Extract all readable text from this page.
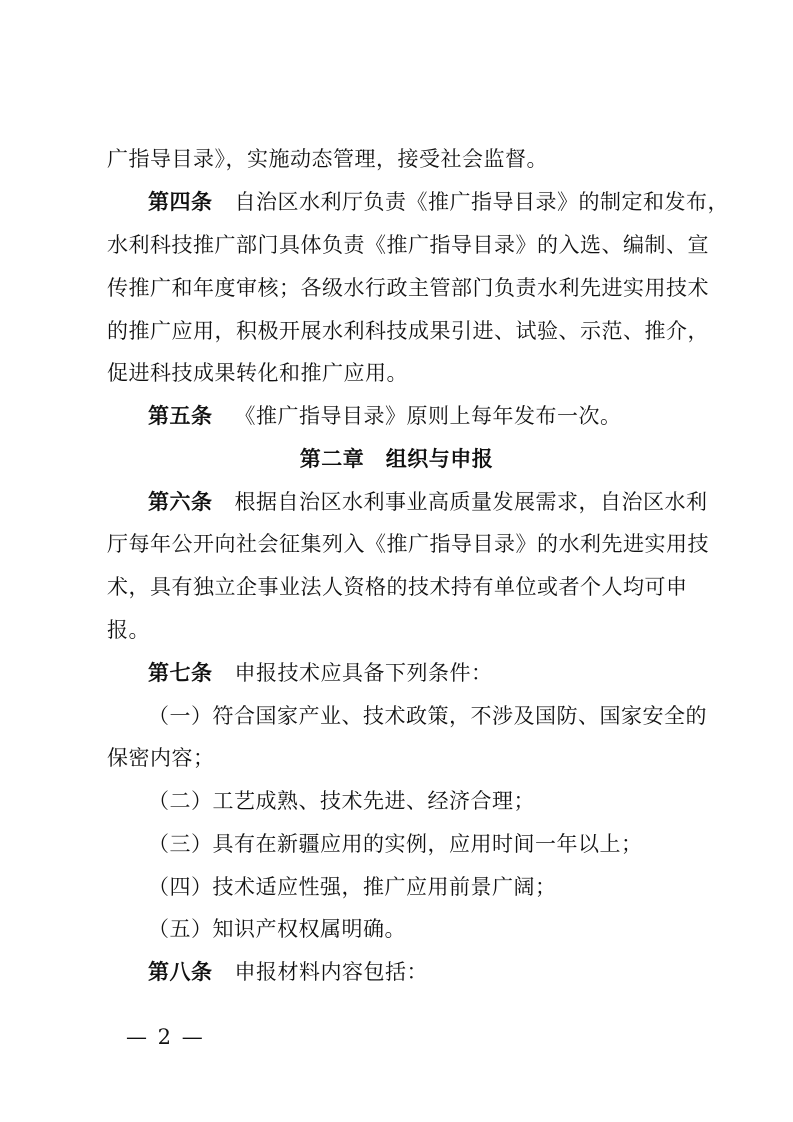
广指导目录》，实施动态管理，接受社会监督。
第四条 自治区水利厅负责《推广指导目录》的制定和发布，
水利科技推广部门具体负责《推广指导目录》的入选、编制、宣
传推广和年度审核；各级水行政主管部门负责水利先进实用技术
的推广应用，积极开展水利科技成果引进、试验、示范、推介，
促进科技成果转化和推广应用。
第五条 《推广指导目录》原则上每年发布一次。
第二章　组织与申报
第六条 根据自治区水利事业高质量发展需求，自治区水利
厅每年公开向社会征集列入《推广指导目录》的水利先进实用技
术，具有独立企事业法人资格的技术持有单位或者个人均可申
报。
第七条 申报技术应具备下列条件：
（一）符合国家产业、技术政策，不涉及国防、国家安全的
保密内容；
（二）工艺成熟、技术先进、经济合理；
（三）具有在新疆应用的实例，应用时间一年以上；
（四）技术适应性强，推广应用前景广阔；
（五）知识产权权属明确。
第八条 申报材料内容包括：
— 2 —
